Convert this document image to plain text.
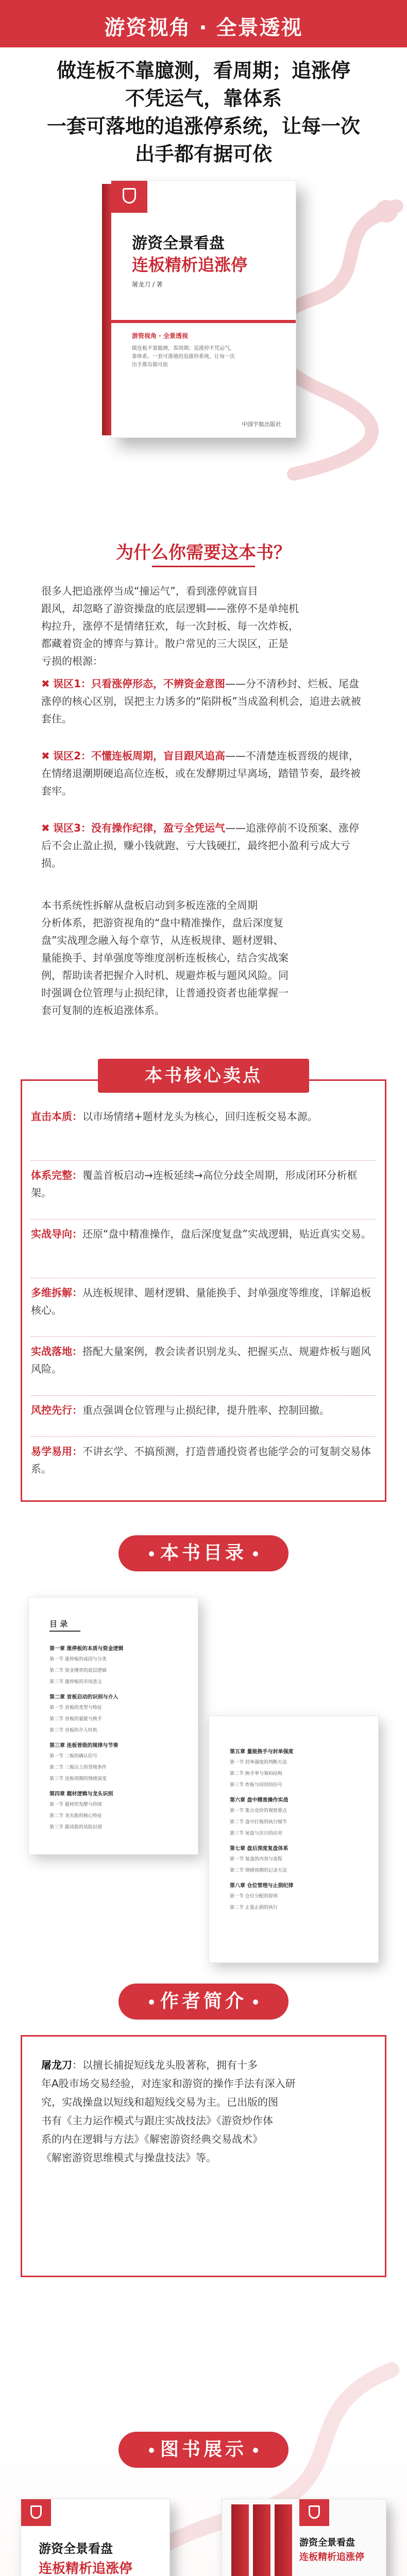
游资视角 · 全景透视
做连板不靠臆测，看周期；追涨停
不凭运气，靠体系
一套可落地的追涨停系统，让每一次
出手都有据可依
游资全景看盘
连板精析追涨停
屠龙刀 / 著
游资视角 · 全景透视
做连板不靠臆测，看周期；追涨停不凭运气，
靠体系。一套可落地的追涨停系统，让每一次
出手都有据可依
中国宇航出版社
为什么你需要这本书？
很多人把追涨停当成“撞运气”，看到涨停就盲目
跟风，却忽略了游资操盘的底层逻辑——涨停不是单纯机
构拉升，涨停不是情绪狂欢，每一次封板、每一次炸板，
都藏着资金的博弈与算计。散户常见的三大误区，正是
亏损的根源：
✖ 误区1：只看涨停形态，不辨资金意图——分不清秒封、烂板、尾盘涨停的核心区别，误把主力诱多的“陷阱板”当成盈利机会，追进去就被套住。
✖ 误区2：不懂连板周期，盲目跟风追高——不清楚连板晋级的规律，在情绪退潮期硬追高位连板，或在发酵期过早离场，踏错节奏，最终被套牢。
✖ 误区3：没有操作纪律，盈亏全凭运气——追涨停前不设预案、涨停后不会止盈止损，赚小钱就跑、亏大钱硬扛，最终把小盈利亏成大亏损。
本书系统性拆解从盘板启动到多板连涨的全周期
分析体系，把游资视角的“盘中精准操作，盘后深度复
盘”实战理念融入每个章节，从连板规律、题材逻辑、
量能换手、封单强度等维度剖析连板核心，结合实战案
例，帮助读者把握介入时机、规避炸板与题风风险。同
时强调仓位管理与止损纪律，让普通投资者也能掌握一
套可复制的连板追涨体系。
本书核心卖点
直击本质：以市场情绪+题材龙头为核心，回归连板交易本源。
体系完整：覆盖首板启动→连板延续→高位分歧全周期，形成闭环分析框架。
实战导向：还原“盘中精准操作，盘后深度复盘”实战逻辑，贴近真实交易。
多维拆解：从连板规律、题材逻辑、量能换手、封单强度等维度，详解追板核心。
实战落地：搭配大量案例，教会读者识别龙头、把握买点、规避炸板与题风风险。
风控先行：重点强调仓位管理与止损纪律，提升胜率、控制回撤。
易学易用：不讲玄学、不搞预测，打造普通投资者也能学会的可复制交易体系。
本书目录
目 录
第一章 涨停板的本质与资金逻辑
第一节 涨停板的成因与分类
第二节 资金博弈的底层逻辑
第三节 涨停板的市场意义
第二章 首板启动的识别与介入
第一节 首板的类型与特征
第二节 首板的量能与换手
第三节 首板的介入时机
第三章 连板晋级的规律与节奏
第一节 二板的确认信号
第二节 三板以上的晋级条件
第三节 连板周期的情绪演变
第四章 题材逻辑与龙头识别
第一节 题材的发酵与持续
第二节 龙头股的核心特征
第三节 跟风股的风险识别
第五章 量能换手与封单强度
第一节 封单强度的判断方法
第二节 换手率与筹码结构
第三节 炸板与回封的信号
第六章 盘中精准操作实战
第一节 集合竞价的观察要点
第二节 盘中打板的执行细节
第三节 尾盘与次日的应对
第七章 盘后深度复盘体系
第一节 复盘的内容与流程
第二节 情绪周期的记录方法
第八章 仓位管理与止损纪律
第一节 仓位分配的原则
第二节 止盈止损的执行
作者简介
屠龙刀：以擅长捕捉短线龙头股著称，拥有十多
年A股市场交易经验，对连家和游资的操作手法有深入研
究，实战操盘以短线和超短线交易为主。已出版的图
书有《主力运作模式与跟庄实战技法》《游资炒作体
系的内在逻辑与方法》《解密游资经典交易战术》
《解密游资思维模式与操盘技法》等。
图书展示
游资全景看盘
连板精析追涨停
游资全景看盘
连板精析追涨停
